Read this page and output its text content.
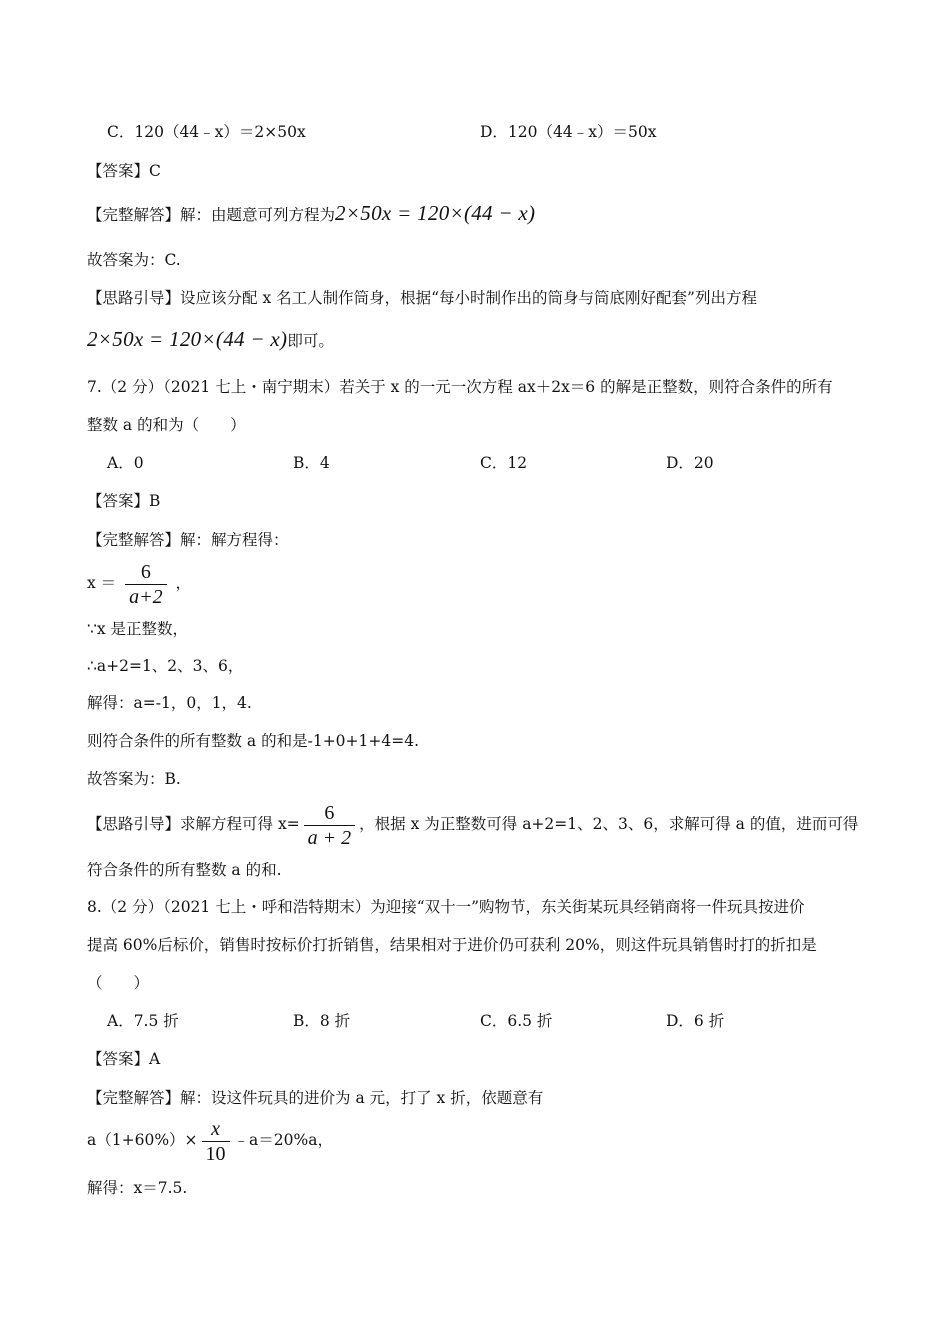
C．120（44﹣x）＝2×50x	D．120（44﹣x）＝50x
【答案】C
【完整解答】解：由题意可列方程为2×50x = 120×(44 − x)
故答案为：C.
【思路引导】设应该分配 x 名工人制作筒身，根据“每小时制作出的筒身与筒底刚好配套”列出方程
2×50x = 120×(44 − x)即可。
7.（2 分）（2021 七上・南宁期末）若关于 x 的一元一次方程 ax＋2x＝6 的解是正整数，则符合条件的所有
整数 a 的和为（　　）
A．0	B．4	C．12	D．20
【答案】B
【完整解答】解：解方程得：
$x = \frac{6}{a+2}$ ，
∵x 是正整数，
∴a+2=1、2、3、6，
解得：a=-1，0，1，4.
则符合条件的所有整数 a 的和是-1+0+1+4=4.
故答案为：B.
【思路引导】求解方程可得 $x= \frac{6}{a + 2}$ ，根据 x 为正整数可得 a+2=1、2、3、6，求解可得 a 的值，进而可得
符合条件的所有整数 a 的和.
8.（2 分）（2021 七上・呼和浩特期末）为迎接“双十一”购物节，东关街某玩具经销商将一件玩具按进价
提高 60%后标价，销售时按标价打折销售，结果相对于进价仍可获利 20%，则这件玩具销售时打的折扣是
（　　）
A．7.5 折	B．8 折	C．6.5 折	D．6 折
【答案】A
【完整解答】解：设这件玩具的进价为 a 元，打了 x 折，依题意有
$a(1+60\%)\times \frac{x}{10}$ ﹣a＝20%a，
解得：x＝7.5.
